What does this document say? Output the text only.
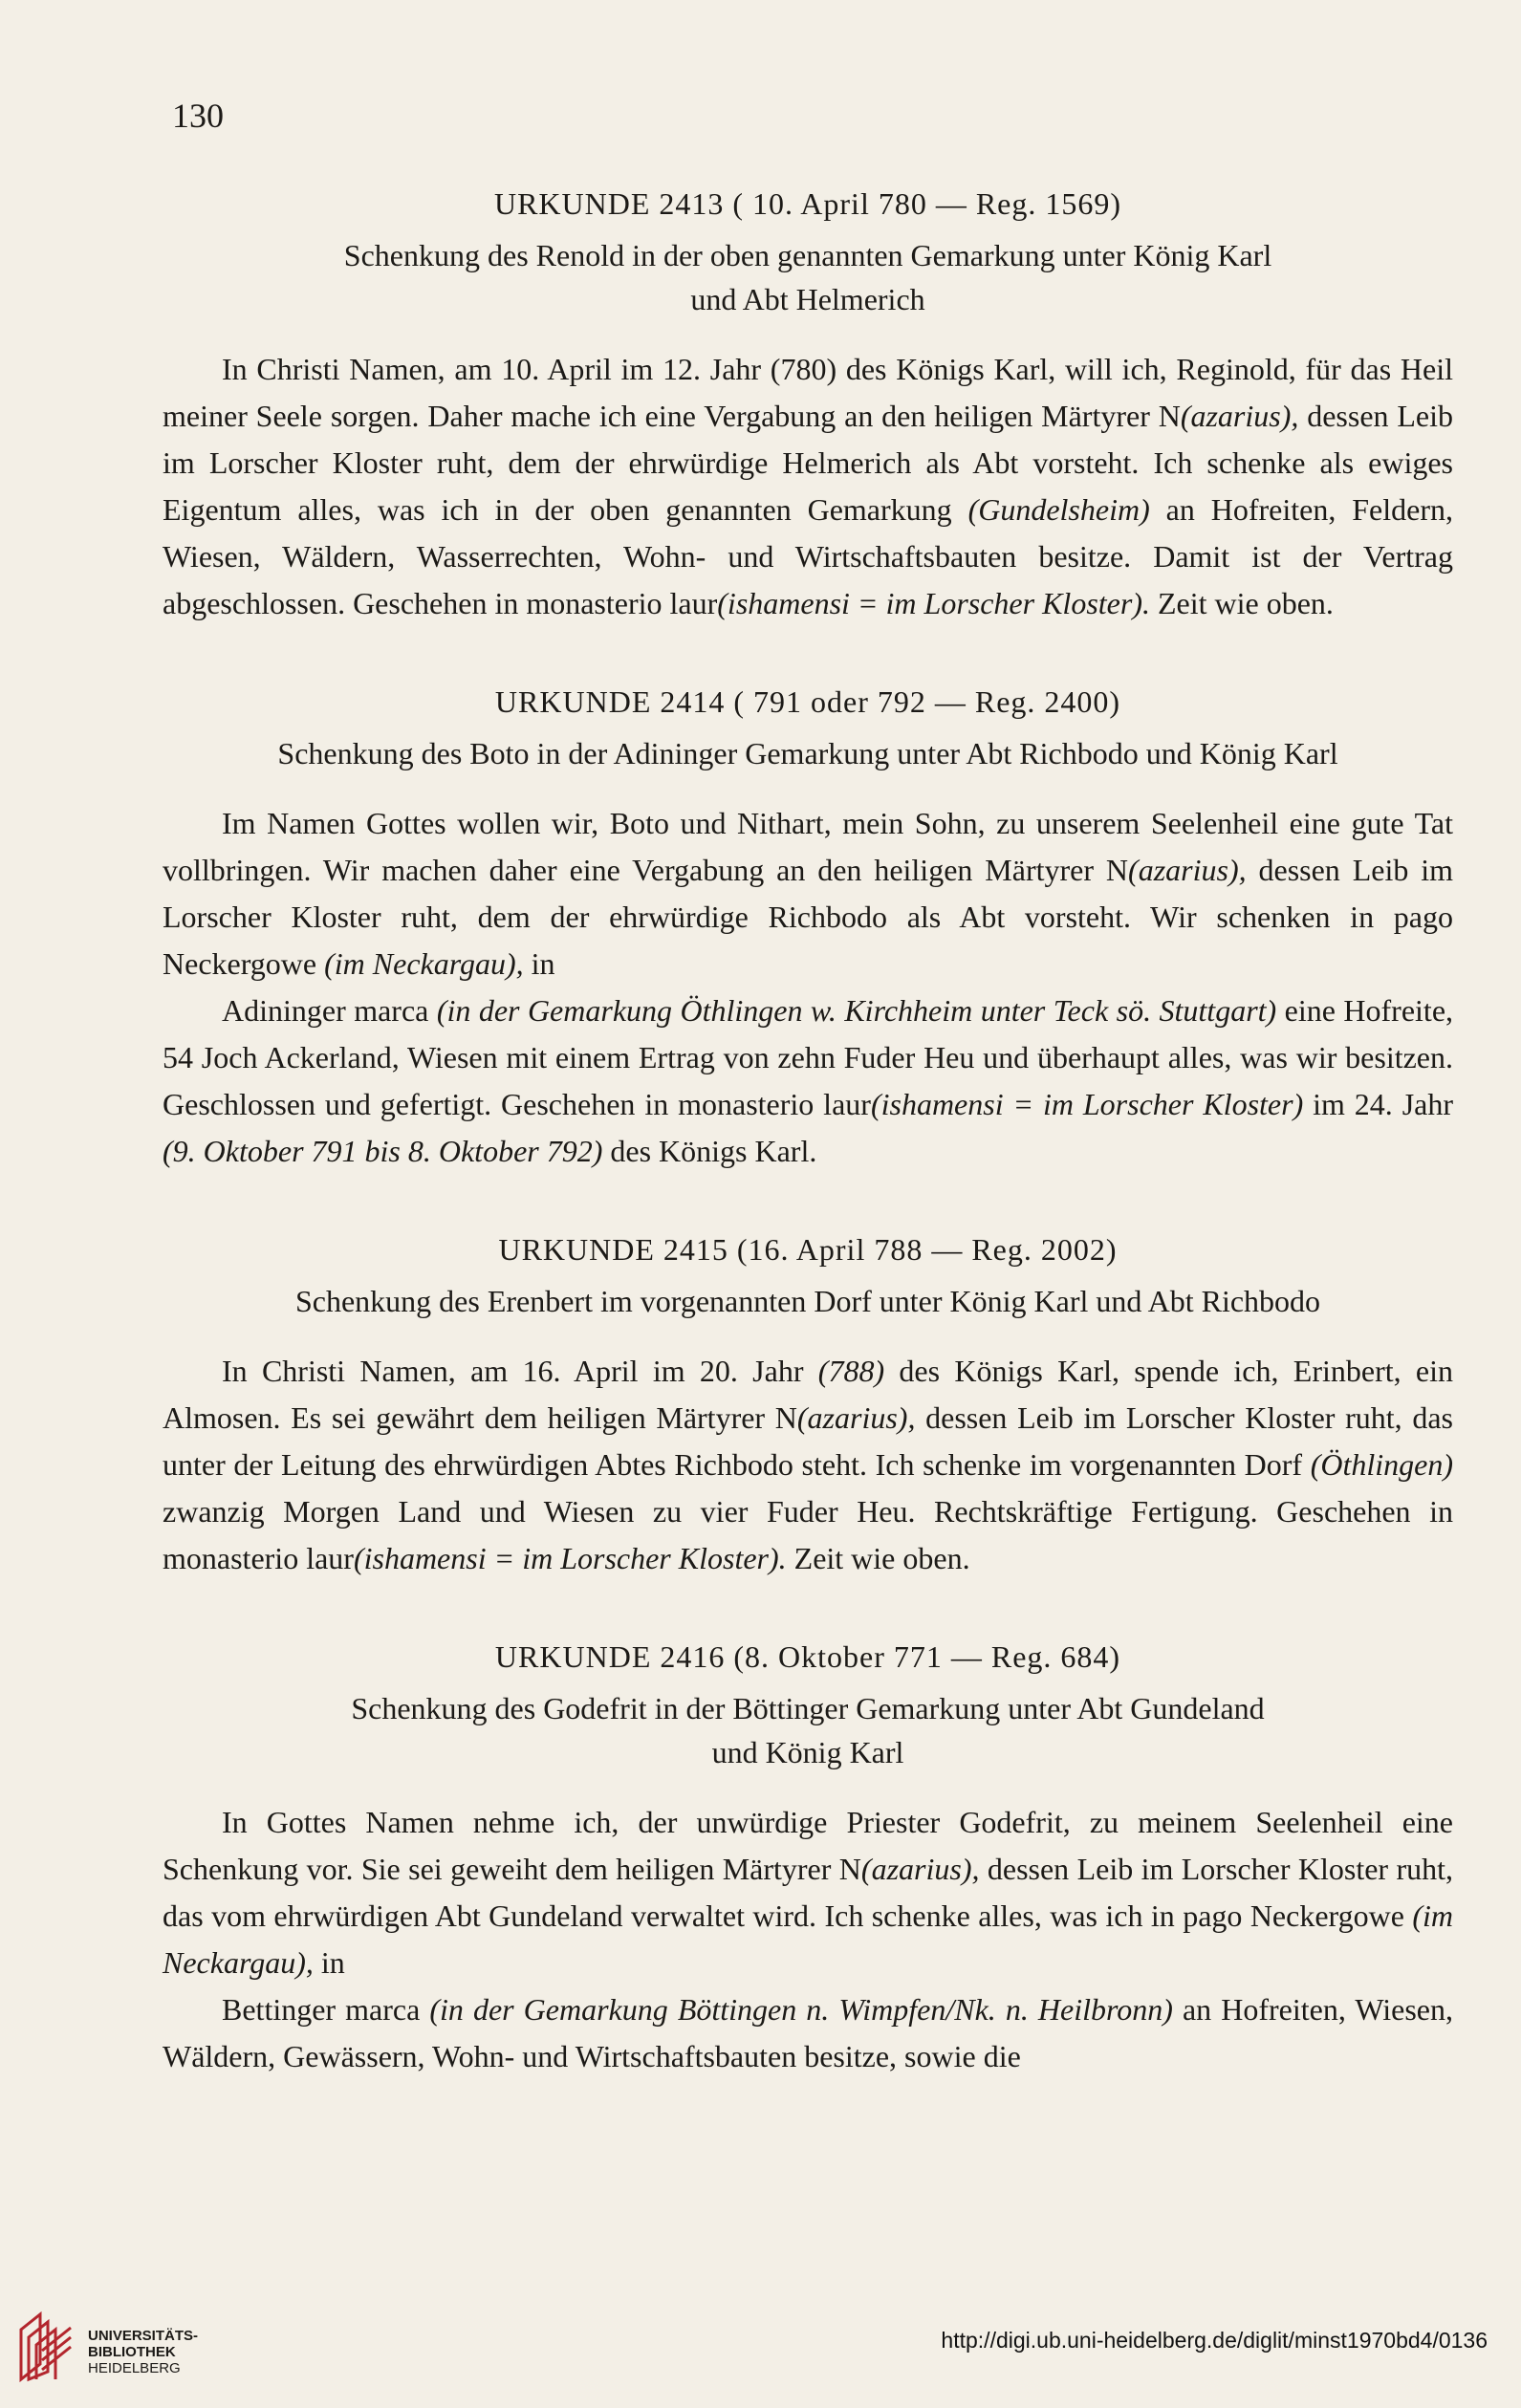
130
URKUNDE 2413 ( 10. April 780 — Reg. 1569)
Schenkung des Renold in der oben genannten Gemarkung unter König Karl
und Abt Helmerich

In Christi Namen, am 10. April im 12. Jahr (780) des Königs Karl, will ich, Reginold, für das Heil meiner Seele sorgen. Daher mache ich eine Vergabung an den heiligen Märtyrer N(azarius), dessen Leib im Lorscher Kloster ruht, dem der ehrwürdige Helmerich als Abt vorsteht. Ich schenke als ewiges Eigentum alles, was ich in der oben genannten Gemarkung (Gundelsheim) an Hofreiten, Feldern, Wiesen, Wäldern, Wasserrechten, Wohn- und Wirtschaftsbauten besitze. Damit ist der Vertrag abgeschlossen. Geschehen in monasterio laur(ishamensi = im Lorscher Kloster). Zeit wie oben.

URKUNDE 2414 ( 791 oder 792 — Reg. 2400)
Schenkung des Boto in der Adininger Gemarkung unter Abt Richbodo und König Karl

Im Namen Gottes wollen wir, Boto und Nithart, mein Sohn, zu unserem Seelenheil eine gute Tat vollbringen. Wir machen daher eine Vergabung an den heiligen Märtyrer N(azarius), dessen Leib im Lorscher Kloster ruht, dem der ehrwürdige Richbodo als Abt vorsteht. Wir schenken in pago Neckergowe (im Neckargau), in

Adininger marca (in der Gemarkung Öthlingen w. Kirchheim unter Teck sö. Stuttgart) eine Hofreite, 54 Joch Ackerland, Wiesen mit einem Ertrag von zehn Fuder Heu und überhaupt alles, was wir besitzen. Geschlossen und gefertigt. Geschehen in monasterio laur(ishamensi = im Lorscher Kloster) im 24. Jahr (9. Oktober 791 bis 8. Oktober 792) des Königs Karl.

URKUNDE 2415 (16. April 788 — Reg. 2002)
Schenkung des Erenbert im vorgenannten Dorf unter König Karl und Abt Richbodo

In Christi Namen, am 16. April im 20. Jahr (788) des Königs Karl, spende ich, Erinbert, ein Almosen. Es sei gewährt dem heiligen Märtyrer N(azarius), dessen Leib im Lorscher Kloster ruht, das unter der Leitung des ehrwürdigen Abtes Richbodo steht. Ich schenke im vorgenannten Dorf (Öthlingen) zwanzig Morgen Land und Wiesen zu vier Fuder Heu. Rechtskräftige Fertigung. Geschehen in monasterio laur(ishamensi = im Lorscher Kloster). Zeit wie oben.

URKUNDE 2416 (8. Oktober 771 — Reg. 684)
Schenkung des Godefrit in der Böttinger Gemarkung unter Abt Gundeland
und König Karl

In Gottes Namen nehme ich, der unwürdige Priester Godefrit, zu meinem Seelenheil eine Schenkung vor. Sie sei geweiht dem heiligen Märtyrer N(azarius), dessen Leib im Lorscher Kloster ruht, das vom ehrwürdigen Abt Gundeland verwaltet wird. Ich schenke alles, was ich in pago Neckergowe (im Neckargau), in

Bettinger marca (in der Gemarkung Böttingen n. Wimpfen/Nk. n. Heilbronn) an Hofreiten, Wiesen, Wäldern, Gewässern, Wohn- und Wirtschaftsbauten besitze, sowie die

UNIVERSITÄTS-
BIBLIOTHEK
HEIDELBERG
http://digi.ub.uni-heidelberg.de/diglit/minst1970bd4/0136
